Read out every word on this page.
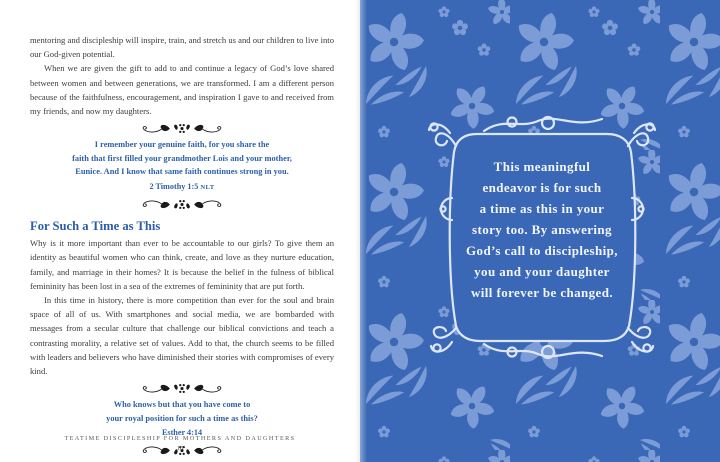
mentoring and discipleship will inspire, train, and stretch us and our children to live into our God-given potential.

When we are given the gift to add to and continue a legacy of God’s love shared between women and between generations, we are transformed. I am a different person because of the faithfulness, encouragement, and inspiration I gave to and received from my friends, and now my daughters.

I remember your genuine faith, for you share the
faith that first filled your grandmother Lois and your mother,
Eunice. And I know that same faith continues strong in you.
2 Timothy 1:5 NLT
For Such a Time as This

Why is it more important than ever to be accountable to our girls? To give them an identity as beautiful women who can think, create, and love as they nurture education, family, and marriage in their homes? It is because the belief in the fulness of biblical femininity has been lost in a sea of the extremes of femininity that are put forth.

In this time in history, there is more competition than ever for the soul and brain space of all of us. With smartphones and social media, we are bombarded with messages from a secular culture that challenge our biblical convictions and teach a contrasting morality, a relative set of values. Add to that, the church seems to be filled with leaders and believers who have diminished their stories with compromises of every kind.

Who knows but that you have come to
your royal position for such a time as this?
Esther 4:14
TEATIME DISCIPLESHIP FOR MOTHERS AND DAUGHTERS
10
This meaningful
endeavor is for such
a time as this in your
story too. By answering
God’s call to discipleship,
you and your daughter
will forever be changed.
